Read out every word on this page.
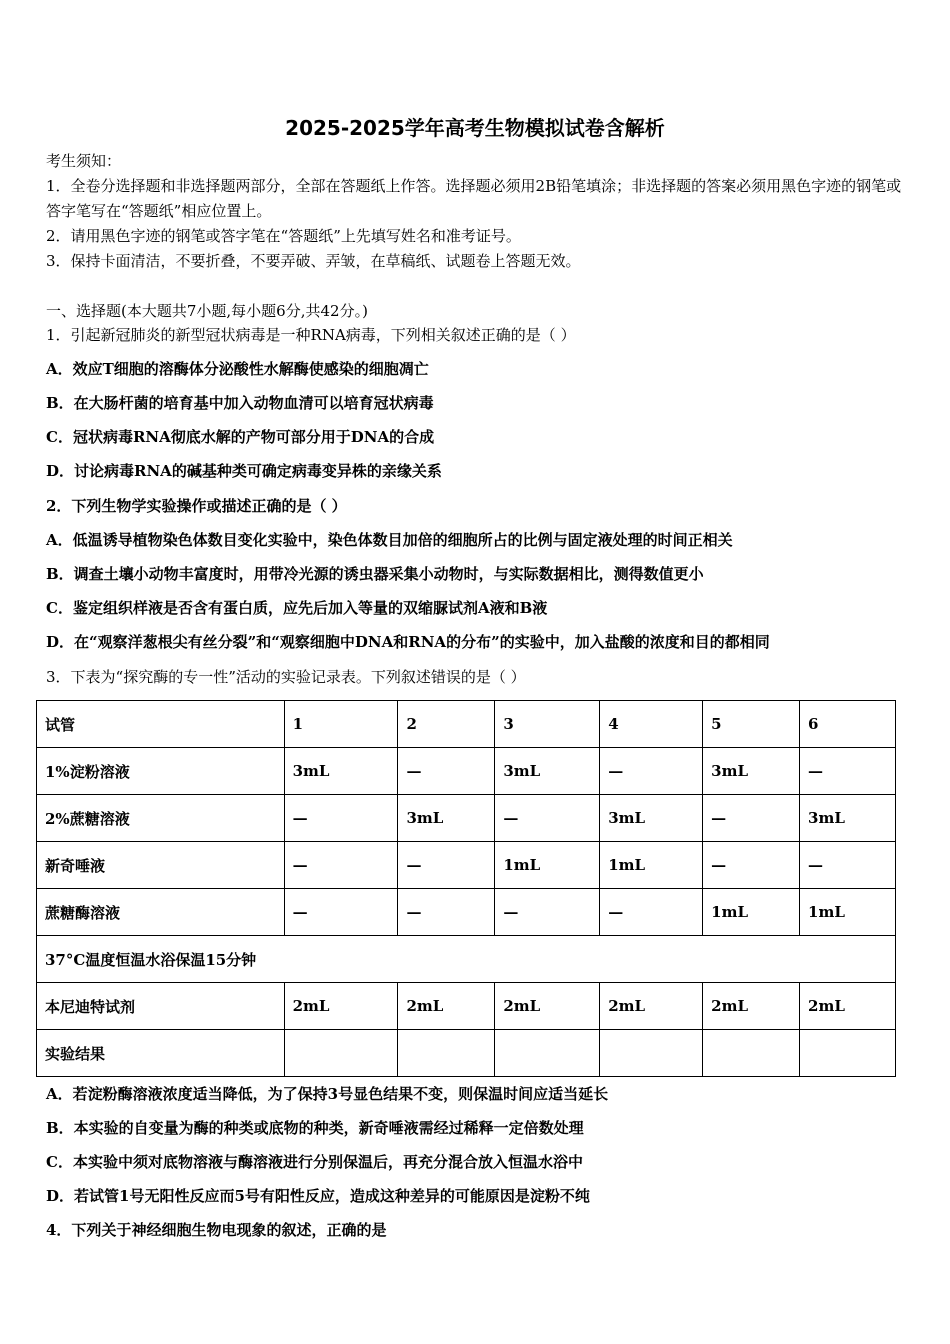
2025-2025学年高考生物模拟试卷含解析
考生须知：
1．全卷分选择题和非选择题两部分，全部在答题纸上作答。选择题必须用2B铅笔填涂；非选择题的答案必须用黑色字迹的钢笔或答字笔写在“答题纸”相应位置上。
2．请用黑色字迹的钢笔或答字笔在“答题纸”上先填写姓名和准考证号。
3．保持卡面清洁，不要折叠，不要弄破、弄皱，在草稿纸、试题卷上答题无效。
一、选择题(本大题共7小题,每小题6分,共42分。)
1．引起新冠肺炎的新型冠状病毒是一种RNA病毒，下列相关叙述正确的是（ ）
A．效应T细胞的溶酶体分泌酸性水解酶使感染的细胞凋亡
B．在大肠杆菌的培育基中加入动物血清可以培育冠状病毒
C．冠状病毒RNA彻底水解的产物可部分用于DNA的合成
D．讨论病毒RNA的碱基种类可确定病毒变异株的亲缘关系
2．下列生物学实验操作或描述正确的是（ ）
A．低温诱导植物染色体数目变化实验中，染色体数目加倍的细胞所占的比例与固定液处理的时间正相关
B．调查土壤小动物丰富度时，用带冷光源的诱虫器采集小动物时，与实际数据相比，测得数值更小
C．鉴定组织样液是否含有蛋白质，应先后加入等量的双缩脲试剂A液和B液
D．在“观察洋葱根尖有丝分裂”和“观察细胞中DNA和RNA的分布”的实验中，加入盐酸的浓度和目的都相同
3．下表为“探究酶的专一性”活动的实验记录表。下列叙述错误的是（ ）
试管	1	2	3	4	5	6
1%淀粉溶液	3mL	—	3mL	—	3mL	—
2%蔗糖溶液	—	3mL	—	3mL	—	3mL
新奇唾液	—	—	1mL	1mL	—	—
蔗糖酶溶液	—	—	—	—	1mL	1mL
37°C温度恒温水浴保温15分钟						
本尼迪特试剂	2mL	2mL	2mL	2mL	2mL	2mL
实验结果						
A．若淀粉酶溶液浓度适当降低，为了保持3号显色结果不变，则保温时间应适当延长
B．本实验的自变量为酶的种类或底物的种类，新奇唾液需经过稀释一定倍数处理
C．本实验中须对底物溶液与酶溶液进行分别保温后，再充分混合放入恒温水浴中
D．若试管1号无阳性反应而5号有阳性反应，造成这种差异的可能原因是淀粉不纯
4．下列关于神经细胞生物电现象的叙述，正确的是
